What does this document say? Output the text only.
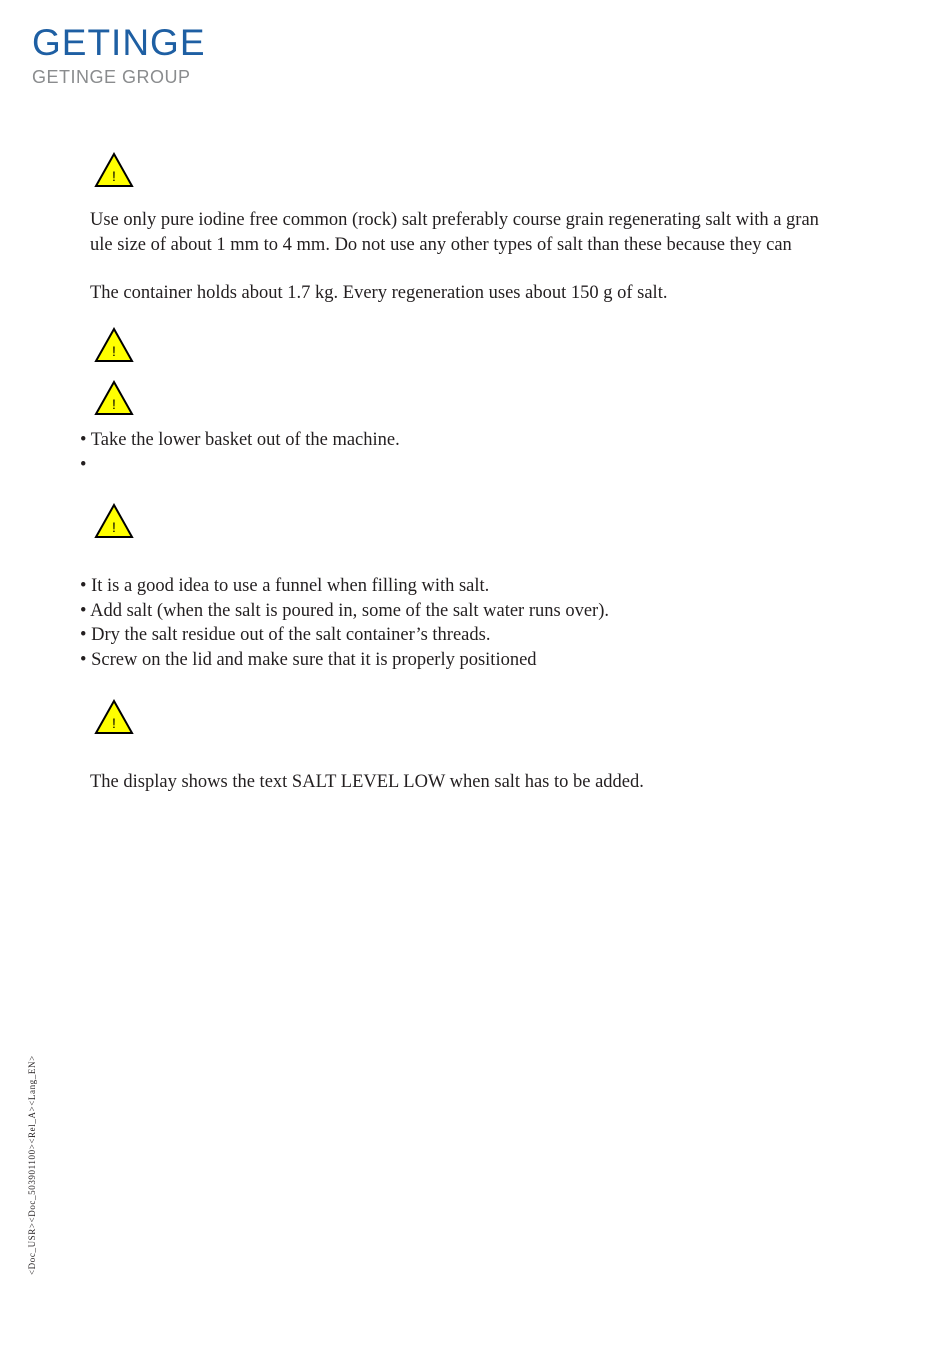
GETINGE
GETINGE GROUP
!
Use only pure iodine free common (rock) salt preferably course grain regenerating salt with a gran
ule size of about 1 mm to 4 mm. Do not use any other types of salt than these because they can
The container holds about 1.7 kg. Every regeneration uses about 150 g of salt.
!
!
• Take the lower basket out of the machine.
•
!
• It is a good idea to use a funnel when filling with salt.
• Add salt (when the salt is poured in, some of the salt water runs over).
• Dry the salt residue out of the salt container’s threads.
• Screw on the lid and make sure that it is properly positioned
!
The display shows the text SALT LEVEL LOW when salt has to be added.
<Doc_USR><Doc_503901100><Rel_A><Lang_EN>
